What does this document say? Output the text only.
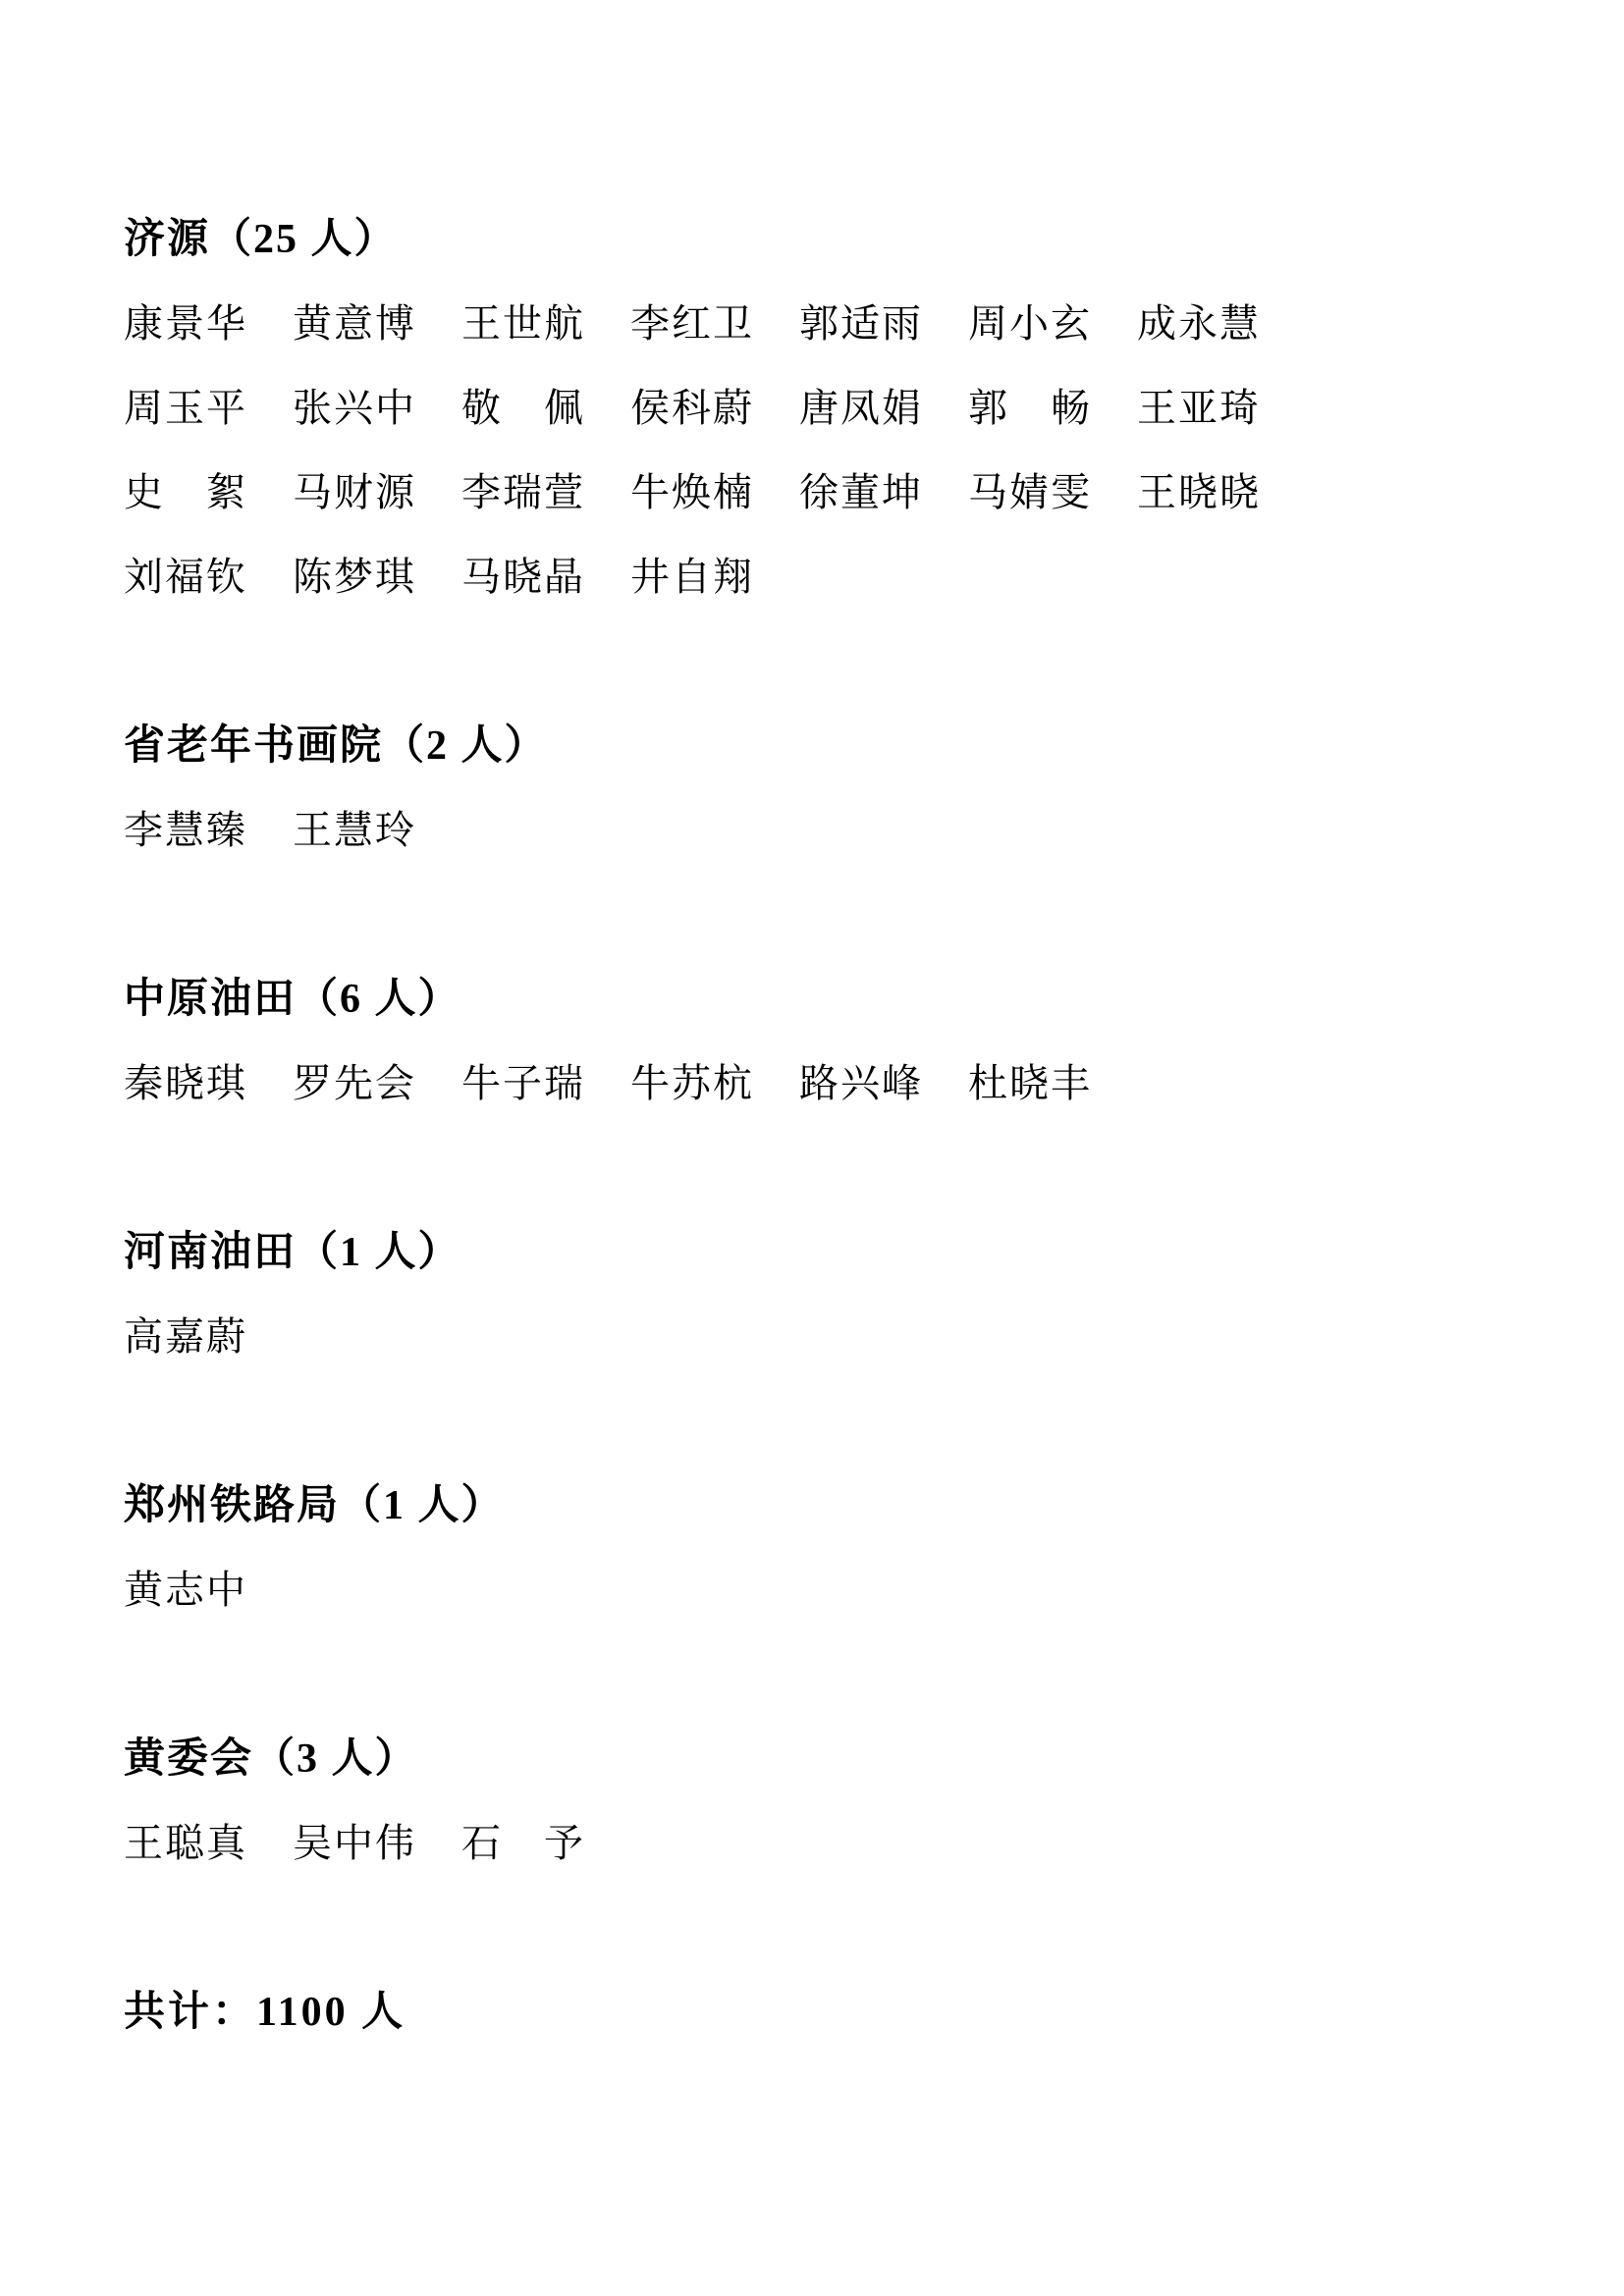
济源（25 人）
康景华 黄意博 王世航 李红卫 郭适雨 周小玄 成永慧
周玉平 张兴中 敬　佩 侯科蔚 唐凤娟 郭　畅 王亚琦
史　絮 马财源 李瑞萱 牛焕楠 徐董坤 马婧雯 王晓晓
刘福钦 陈梦琪 马晓晶 井自翔
省老年书画院（2 人）
李慧臻 王慧玲
中原油田（6 人）
秦晓琪 罗先会 牛子瑞 牛苏杭 路兴峰 杜晓丰
河南油田（1 人）
高嘉蔚
郑州铁路局（1 人）
黄志中
黄委会（3 人）
王聪真 吴中伟 石　予
共计：1100 人
